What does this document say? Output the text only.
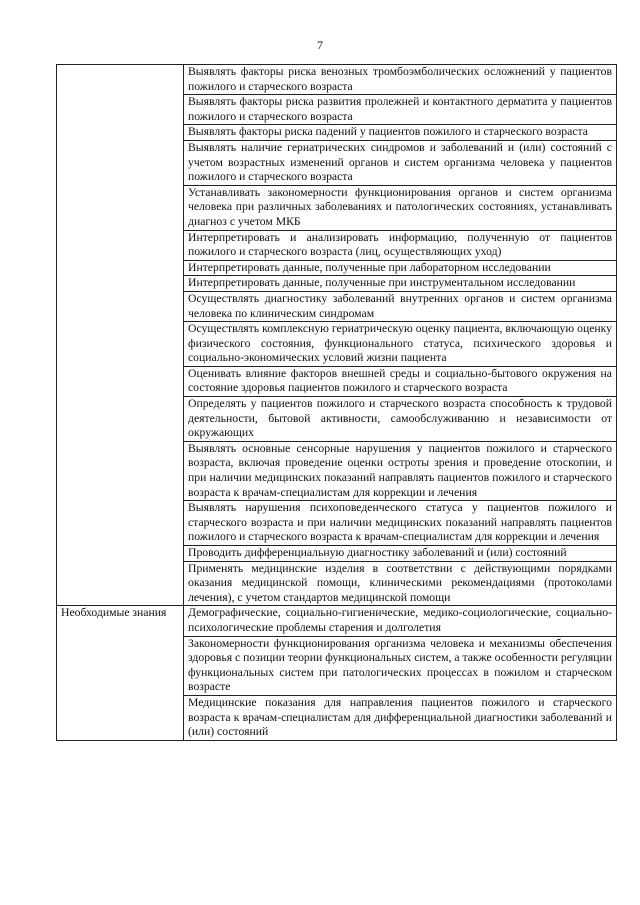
7
	Выявлять факторы риска венозных тромбоэмболических осложнений у пациентов пожилого и старческого возраста
	Выявлять факторы риска развития пролежней и контактного дерматита у пациентов пожилого и старческого возраста
	Выявлять факторы риска падений у пациентов пожилого и старческого возраста
	Выявлять наличие гериатрических синдромов и заболеваний и (или) состояний с учетом возрастных изменений органов и систем организма человека у пациентов пожилого и старческого возраста
	Устанавливать закономерности функционирования органов и систем организма человека при различных заболеваниях и патологических состояниях, устанавливать диагноз с учетом МКБ
	Интерпретировать и анализировать информацию, полученную от пациентов пожилого и старческого возраста (лиц, осуществляющих уход)
	Интерпретировать данные, полученные при лабораторном исследовании
	Интерпретировать данные, полученные при инструментальном исследовании
	Осуществлять диагностику заболеваний внутренних органов и систем организма человека по клиническим синдромам
	Осуществлять комплексную гериатрическую оценку пациента, включающую оценку физического состояния, функционального статуса, психического здоровья и социально-экономических условий жизни пациента
	Оценивать влияние факторов внешней среды и социально-бытового окружения на состояние здоровья пациентов пожилого и старческого возраста
	Определять у пациентов пожилого и старческого возраста способность к трудовой деятельности, бытовой активности, самообслуживанию и независимости от окружающих
	Выявлять основные сенсорные нарушения у пациентов пожилого и старческого возраста, включая проведение оценки остроты зрения и проведение отоскопии, и при наличии медицинских показаний направлять пациентов пожилого и старческого возраста к врачам-специалистам для коррекции и лечения
	Выявлять нарушения психоповеденческого статуса у пациентов пожилого и старческого возраста и при наличии медицинских показаний направлять пациентов пожилого и старческого возраста к врачам-специалистам для коррекции и лечения
	Проводить дифференциальную диагностику заболеваний и (или) состояний
	Применять медицинские изделия в соответствии с действующими порядками оказания медицинской помощи, клиническими рекомендациями (протоколами лечения), с учетом стандартов медицинской помощи
Необходимые знания	Демографические, социально-гигиенические, медико-социологические, социально-психологические проблемы старения и долголетия
	Закономерности функционирования организма человека и механизмы обеспечения здоровья с позиции теории функциональных систем, а также особенности регуляции функциональных систем при патологических процессах в пожилом и старческом возрасте
	Медицинские показания для направления пациентов пожилого и старческого возраста к врачам-специалистам для дифференциальной диагностики заболеваний и (или) состояний
